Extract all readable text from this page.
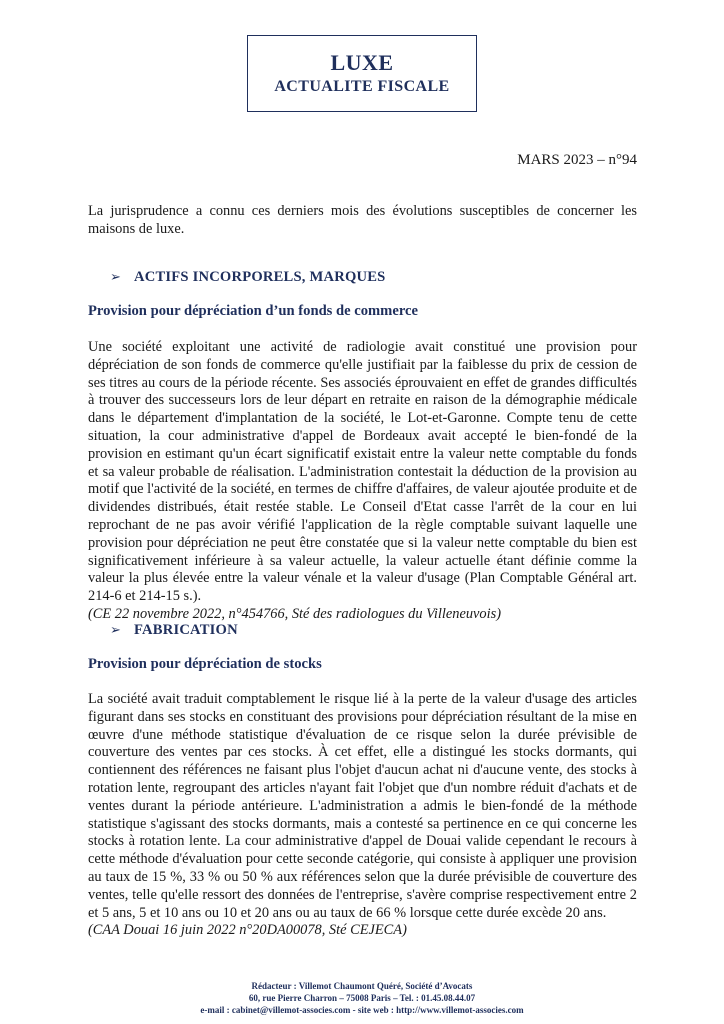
LUXE
ACTUALITE FISCALE
MARS 2023 – n°94
La jurisprudence a connu ces derniers mois des évolutions susceptibles de concerner les maisons de luxe.
➢ ACTIFS INCORPORELS, MARQUES
Provision pour dépréciation d’un fonds de commerce
Une société exploitant une activité de radiologie avait constitué une provision pour dépréciation de son fonds de commerce qu'elle justifiait par la faiblesse du prix de cession de ses titres au cours de la période récente. Ses associés éprouvaient en effet de grandes difficultés à trouver des successeurs lors de leur départ en retraite en raison de la démographie médicale dans le département d'implantation de la société, le Lot-et-Garonne. Compte tenu de cette situation, la cour administrative d'appel de Bordeaux avait accepté le bien-fondé de la provision en estimant qu'un écart significatif existait entre la valeur nette comptable du fonds et sa valeur probable de réalisation. L'administration contestait la déduction de la provision au motif que l'activité de la société, en termes de chiffre d'affaires, de valeur ajoutée produite et de dividendes distribués, était restée stable. Le Conseil d'Etat casse l'arrêt de la cour en lui reprochant de ne pas avoir vérifié l'application de la règle comptable suivant laquelle une provision pour dépréciation ne peut être constatée que si la valeur nette comptable du bien est significativement inférieure à sa valeur actuelle, la valeur actuelle étant définie comme la valeur la plus élevée entre la valeur vénale et la valeur d'usage (Plan Comptable Général art. 214-6 et 214-15 s.).
(CE 22 novembre 2022, n°454766, Sté des radiologues du Villeneuvois)
➢ FABRICATION
Provision pour dépréciation de stocks
La société avait traduit comptablement le risque lié à la perte de la valeur d'usage des articles figurant dans ses stocks en constituant des provisions pour dépréciation résultant de la mise en œuvre d'une méthode statistique d'évaluation de ce risque selon la durée prévisible de couverture des ventes par ces stocks. À cet effet, elle a distingué les stocks dormants, qui contiennent des références ne faisant plus l'objet d'aucun achat ni d'aucune vente, des stocks à rotation lente, regroupant des articles n'ayant fait l'objet que d'un nombre réduit d'achats et de ventes durant la période antérieure. L'administration a admis le bien-fondé de la méthode statistique s'agissant des stocks dormants, mais a contesté sa pertinence en ce qui concerne les stocks à rotation lente. La cour administrative d'appel de Douai valide cependant le recours à cette méthode d'évaluation pour cette seconde catégorie, qui consiste à appliquer une provision au taux de 15 %, 33 % ou 50 % aux références selon que la durée prévisible de couverture des ventes, telle qu'elle ressort des données de l'entreprise, s'avère comprise respectivement entre 2 et 5 ans, 5 et 10 ans ou 10 et 20 ans ou au taux de 66 % lorsque cette durée excède 20 ans.
(CAA Douai 16 juin 2022 n°20DA00078, Sté CEJECA)
Rédacteur : Villemot Chaumont Quéré, Société d’Avocats
60, rue Pierre Charron – 75008 Paris – Tel. : 01.45.08.44.07
e-mail : cabinet@villemot-associes.com - site web : http://www.villemot-associes.com
